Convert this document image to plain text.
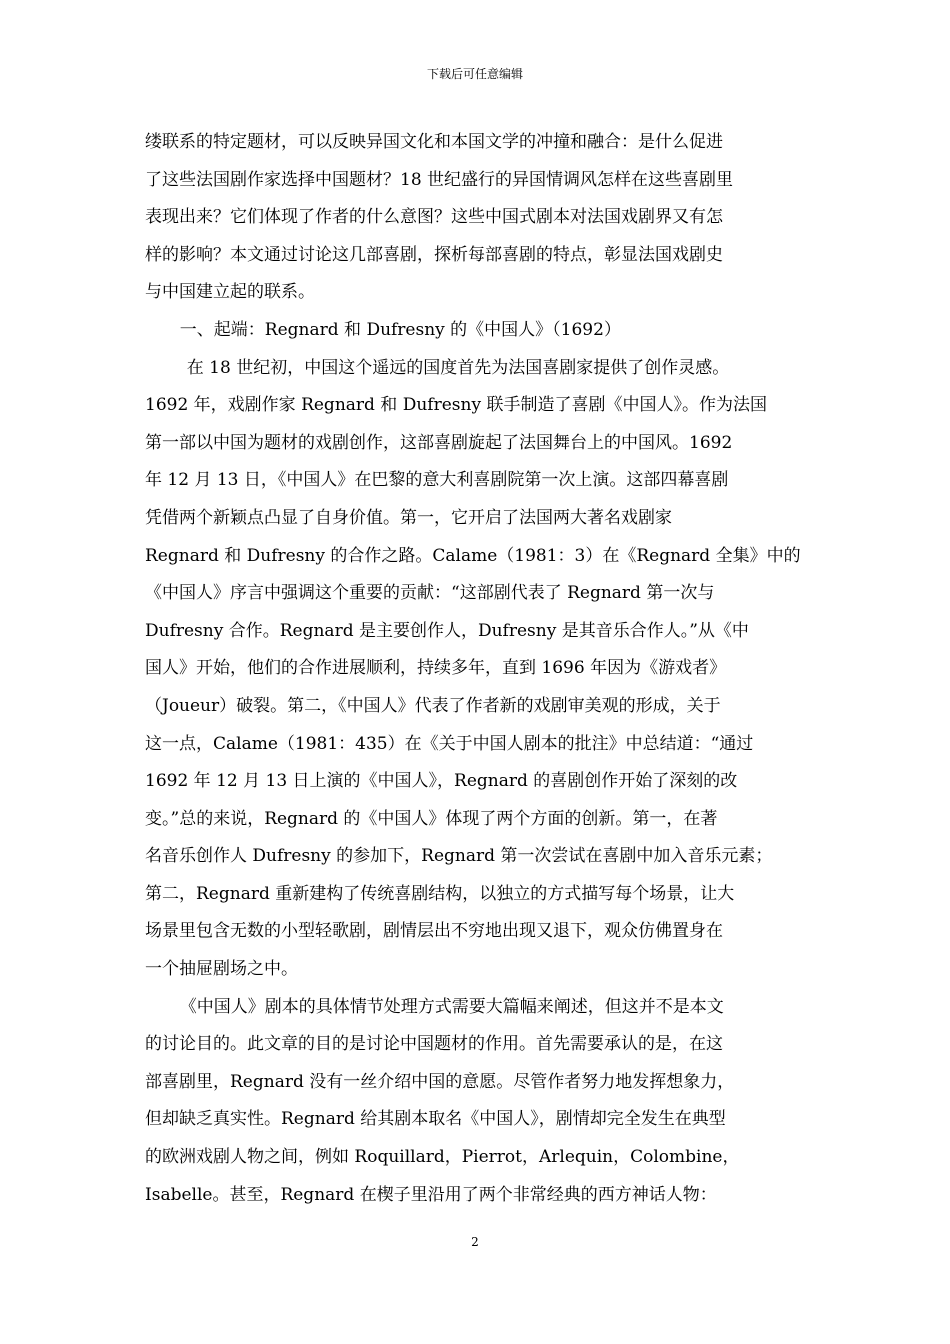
下载后可任意编辑
缕联系的特定题材，可以反映异国文化和本国文学的冲撞和融合：是什么促进
了这些法国剧作家选择中国题材？18 世纪盛行的异国情调风怎样在这些喜剧里
表现出来？它们体现了作者的什么意图？这些中国式剧本对法国戏剧界又有怎
样的影响？本文通过讨论这几部喜剧，探析每部喜剧的特点，彰显法国戏剧史
与中国建立起的联系。
一、起端：Regnard 和 Dufresny 的《中国人》（1692）
在 18 世纪初，中国这个遥远的国度首先为法国喜剧家提供了创作灵感。
1692 年，戏剧作家 Regnard 和 Dufresny 联手制造了喜剧《中国人》。作为法国
第一部以中国为题材的戏剧创作，这部喜剧旋起了法国舞台上的中国风。1692
年 12 月 13 日，《中国人》在巴黎的意大利喜剧院第一次上演。这部四幕喜剧
凭借两个新颖点凸显了自身价值。第一，它开启了法国两大著名戏剧家
Regnard 和 Dufresny 的合作之路。Calame（1981：3）在《Regnard 全集》中的
《中国人》序言中强调这个重要的贡献：“这部剧代表了 Regnard 第一次与
Dufresny 合作。Regnard 是主要创作人，Dufresny 是其音乐合作人。”从《中
国人》开始，他们的合作进展顺利，持续多年，直到 1696 年因为《游戏者》
（Joueur）破裂。第二，《中国人》代表了作者新的戏剧审美观的形成，关于
这一点，Calame（1981：435）在《关于中国人剧本的批注》中总结道：“通过
1692 年 12 月 13 日上演的《中国人》，Regnard 的喜剧创作开始了深刻的改
变。”总的来说，Regnard 的《中国人》体现了两个方面的创新。第一，在著
名音乐创作人 Dufresny 的参加下，Regnard 第一次尝试在喜剧中加入音乐元素；
第二，Regnard 重新建构了传统喜剧结构，以独立的方式描写每个场景，让大
场景里包含无数的小型轻歌剧，剧情层出不穷地出现又退下，观众仿佛置身在
一个抽屉剧场之中。
《中国人》剧本的具体情节处理方式需要大篇幅来阐述，但这并不是本文
的讨论目的。此文章的目的是讨论中国题材的作用。首先需要承认的是，在这
部喜剧里，Regnard 没有一丝介绍中国的意愿。尽管作者努力地发挥想象力，
但却缺乏真实性。Regnard 给其剧本取名《中国人》，剧情却完全发生在典型
的欧洲戏剧人物之间，例如 Roquillard，Pierrot，Arlequin，Colombine，
Isabelle。甚至，Regnard 在楔子里沿用了两个非常经典的西方神话人物：
2
